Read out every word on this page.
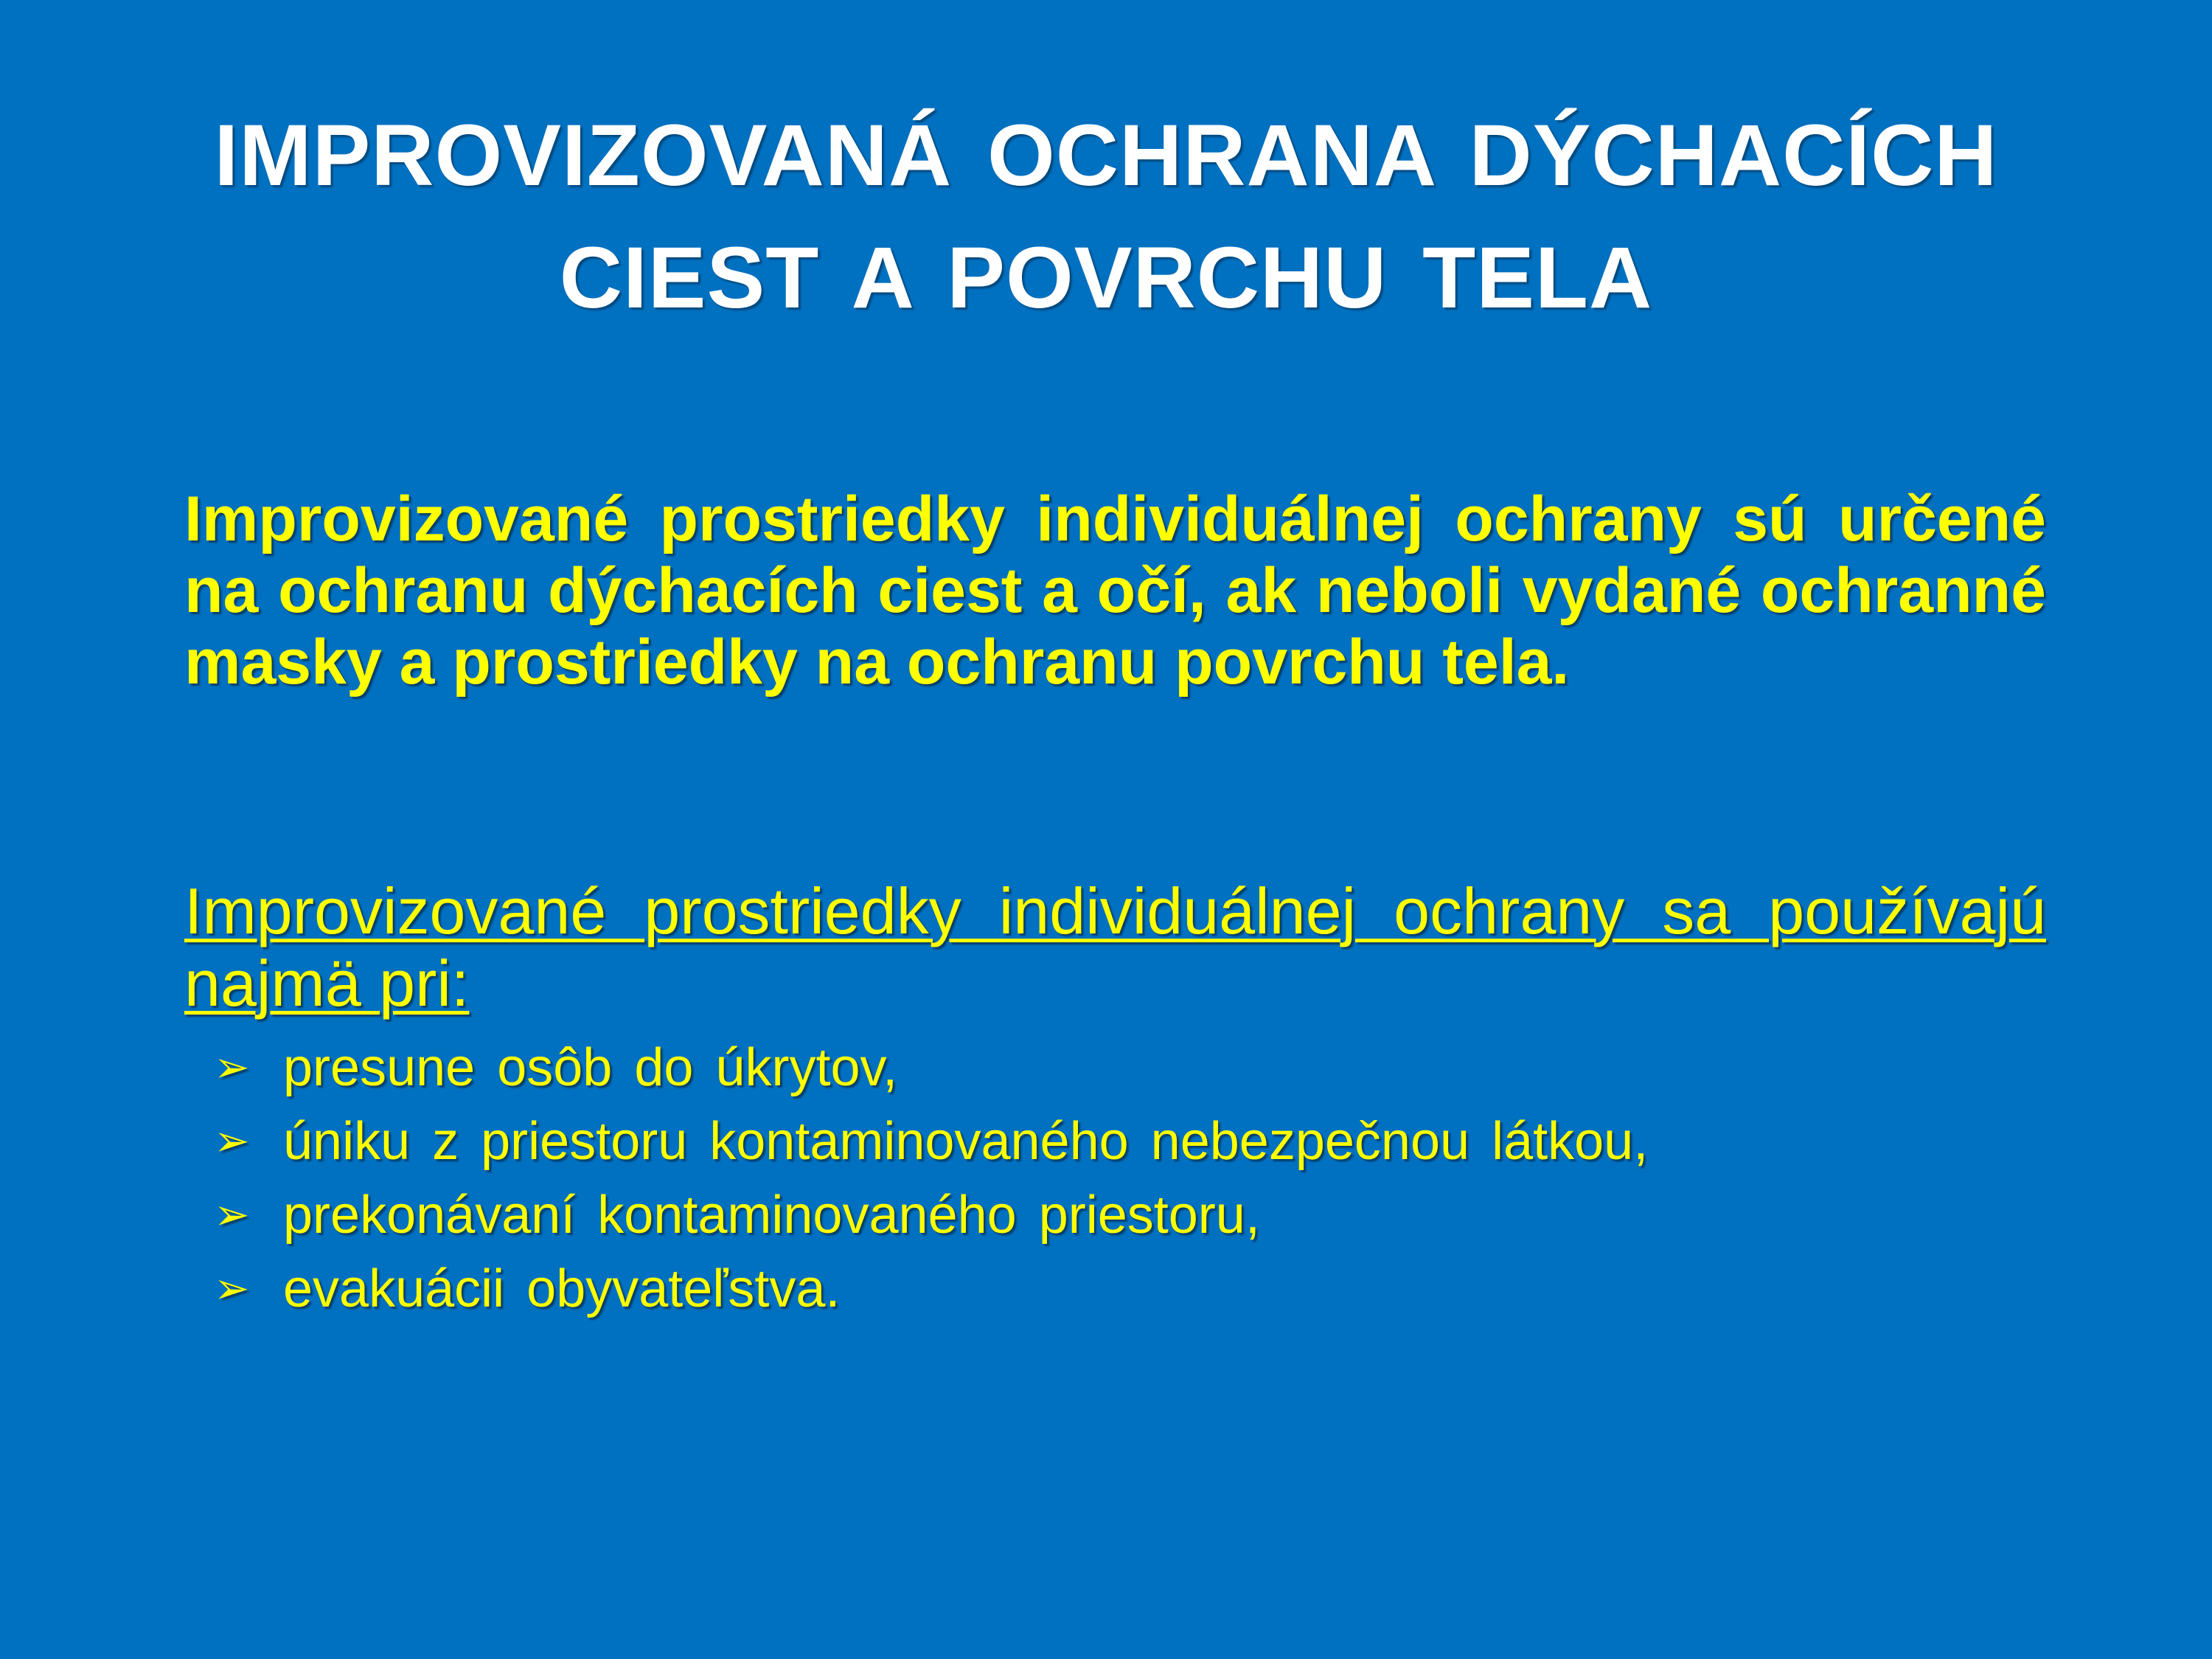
IMPROVIZOVANÁ OCHRANA DÝCHACÍCH
CIEST A POVRCHU TELA

Improvizované prostriedky individuálnej ochrany sú určené na ochranu dýchacích ciest a očí, ak neboli vydané ochranné masky a prostriedky na ochranu povrchu tela.

Improvizované prostriedky individuálnej ochrany sa používajú najmä pri:

➢ presune osôb do úkrytov,
➢ úniku z priestoru kontaminovaného nebezpečnou látkou,
➢ prekonávaní kontaminovaného priestoru,
➢ evakuácii obyvateľstva.
